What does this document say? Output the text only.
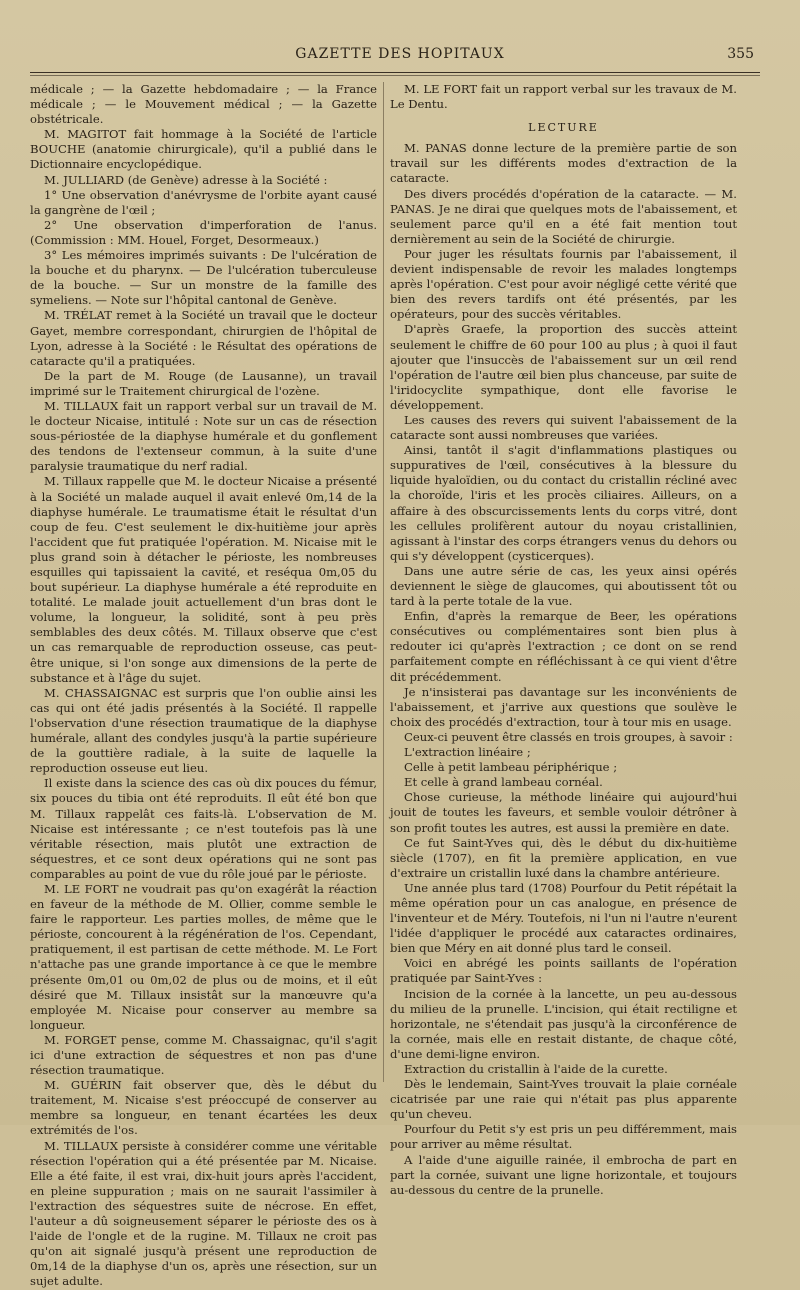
GAZETTE DES HOPITAUX	355

médicale ; — la Gazette hebdomadaire ; — la France médicale ; — le Mouvement médical ; — la Gazette obstétricale.

M. MAGITOT fait hommage à la Société de l'article BOUCHE (anatomie chirurgicale), qu'il a publié dans le Dictionnaire encyclopédique.

M. JULLIARD (de Genève) adresse à la Société :

1° Une observation d'anévrysme de l'orbite ayant causé la gangrène de l'œil ;

2° Une observation d'imperforation de l'anus. (Commission : MM. Houel, Forget, Desormeaux.)

3° Les mémoires imprimés suivants : De l'ulcération de la bouche et du pharynx. — De l'ulcération tuberculeuse de la bouche. — Sur un monstre de la famille des symeliens. — Note sur l'hôpital cantonal de Genève.

M. TRÉLAT remet à la Société un travail que le docteur Gayet, membre correspondant, chirurgien de l'hôpital de Lyon, adresse à la Société : le Résultat des opérations de cataracte qu'il a pratiquées.

De la part de M. Rouge (de Lausanne), un travail imprimé sur le Traitement chirurgical de l'ozène.

M. TILLAUX fait un rapport verbal sur un travail de M. le docteur Nicaise, intitulé : Note sur un cas de résection sous-périostée de la diaphyse humérale et du gonflement des tendons de l'extenseur commun, à la suite d'une paralysie traumatique du nerf radial.

M. Tillaux rappelle que M. le docteur Nicaise a présenté à la Société un malade auquel il avait enlevé 0m,14 de la diaphyse humérale. Le traumatisme était le résultat d'un coup de feu. C'est seulement le dix-huitième jour après l'accident que fut pratiquée l'opération. M. Nicaise mit le plus grand soin à détacher le périoste, les nombreuses esquilles qui tapissaient la cavité, et reséqua 0m,05 du bout supérieur. La diaphyse humérale a été reproduite en totalité. Le malade jouit actuellement d'un bras dont le volume, la longueur, la solidité, sont à peu près semblables des deux côtés. M. Tillaux observe que c'est un cas remarquable de reproduction osseuse, cas peut-être unique, si l'on songe aux dimensions de la perte de substance et à l'âge du sujet.

M. CHASSAIGNAC est surpris que l'on oublie ainsi les cas qui ont été jadis présentés à la Société. Il rappelle l'observation d'une résection traumatique de la diaphyse humérale, allant des condyles jusqu'à la partie supérieure de la gouttière radiale, à la suite de laquelle la reproduction osseuse eut lieu.

Il existe dans la science des cas où dix pouces du fémur, six pouces du tibia ont été reproduits. Il eût été bon que M. Tillaux rappelât ces faits-là. L'observation de M. Nicaise est intéressante ; ce n'est toutefois pas là une véritable résection, mais plutôt une extraction de séquestres, et ce sont deux opérations qui ne sont pas comparables au point de vue du rôle joué par le périoste.

M. LE FORT ne voudrait pas qu'on exagérât la réaction en faveur de la méthode de M. Ollier, comme semble le faire le rapporteur. Les parties molles, de même que le périoste, concourent à la régénération de l'os. Cependant, pratiquement, il est partisan de cette méthode. M. Le Fort n'attache pas une grande importance à ce que le membre présente 0m,01 ou 0m,02 de plus ou de moins, et il eût désiré que M. Tillaux insistât sur la manœuvre qu'a employée M. Nicaise pour conserver au membre sa longueur.

M. FORGET pense, comme M. Chassaignac, qu'il s'agit ici d'une extraction de séquestres et non pas d'une résection traumatique.

M. GUÉRIN fait observer que, dès le début du traitement, M. Nicaise s'est préoccupé de conserver au membre sa longueur, en tenant écartées les deux extrémités de l'os.

M. TILLAUX persiste à considérer comme une véritable résection l'opération qui a été présentée par M. Nicaise. Elle a été faite, il est vrai, dix-huit jours après l'accident, en pleine suppuration ; mais on ne saurait l'assimiler à l'extraction des séquestres suite de nécrose. En effet, l'auteur a dû soigneusement séparer le périoste des os à l'aide de l'ongle et de la rugine. M. Tillaux ne croit pas qu'on ait signalé jusqu'à présent une reproduction de 0m,14 de la diaphyse d'un os, après une résection, sur un sujet adulte.

M. LE FORT fait un rapport verbal sur les travaux de M. Le Dentu.

LECTURE

M. PANAS donne lecture de la première partie de son travail sur les différents modes d'extraction de la cataracte.

Des divers procédés d'opération de la cataracte. — M. PANAS. Je ne dirai que quelques mots de l'abaissement, et seulement parce qu'il en a été fait mention tout dernièrement au sein de la Société de chirurgie.

Pour juger les résultats fournis par l'abaissement, il devient indispensable de revoir les malades longtemps après l'opération. C'est pour avoir négligé cette vérité que bien des revers tardifs ont été présentés, par les opérateurs, pour des succès véritables.

D'après Graefe, la proportion des succès atteint seulement le chiffre de 60 pour 100 au plus ; à quoi il faut ajouter que l'insuccès de l'abaissement sur un œil rend l'opération de l'autre œil bien plus chanceuse, par suite de l'iridocyclite sympathique, dont elle favorise le développement.

Les causes des revers qui suivent l'abaissement de la cataracte sont aussi nombreuses que variées.

Ainsi, tantôt il s'agit d'inflammations plastiques ou suppuratives de l'œil, consécutives à la blessure du liquide hyaloïdien, ou du contact du cristallin récliné avec la choroïde, l'iris et les procès ciliaires. Ailleurs, on a affaire à des obscurcissements lents du corps vitré, dont les cellules prolifèrent autour du noyau cristallinien, agissant à l'instar des corps étrangers venus du dehors ou qui s'y développent (cysticerques).

Dans une autre série de cas, les yeux ainsi opérés deviennent le siège de glaucomes, qui aboutissent tôt ou tard à la perte totale de la vue.

Enfin, d'après la remarque de Beer, les opérations consécutives ou complémentaires sont bien plus à redouter ici qu'après l'extraction ; ce dont on se rend parfaitement compte en réfléchissant à ce qui vient d'être dit précédemment.

Je n'insisterai pas davantage sur les inconvénients de l'abaissement, et j'arrive aux questions que soulève le choix des procédés d'extraction, tour à tour mis en usage.

Ceux-ci peuvent être classés en trois groupes, à savoir :

L'extraction linéaire ;

Celle à petit lambeau périphérique ;

Et celle à grand lambeau cornéal.

Chose curieuse, la méthode linéaire qui aujourd'hui jouit de toutes les faveurs, et semble vouloir détrôner à son profit toutes les autres, est aussi la première en date.

Ce fut Saint-Yves qui, dès le début du dix-huitième siècle (1707), en fit la première application, en vue d'extraire un cristallin luxé dans la chambre antérieure.

Une année plus tard (1708) Pourfour du Petit répétait la même opération pour un cas analogue, en présence de l'inventeur et de Méry. Toutefois, ni l'un ni l'autre n'eurent l'idée d'appliquer le procédé aux cataractes ordinaires, bien que Méry en ait donné plus tard le conseil.

Voici en abrégé les points saillants de l'opération pratiquée par Saint-Yves :

Incision de la cornée à la lancette, un peu au-dessous du milieu de la prunelle. L'incision, qui était rectiligne et horizontale, ne s'étendait pas jusqu'à la circonférence de la cornée, mais elle en restait distante, de chaque côté, d'une demi-ligne environ.

Extraction du cristallin à l'aide de la curette.

Dès le lendemain, Saint-Yves trouvait la plaie cornéale cicatrisée par une raie qui n'était pas plus apparente qu'un cheveu.

Pourfour du Petit s'y est pris un peu différemment, mais pour arriver au même résultat.

A l'aide d'une aiguille rainée, il embrocha de part en part la cornée, suivant une ligne horizontale, et toujours au-dessous du centre de la prunelle.
